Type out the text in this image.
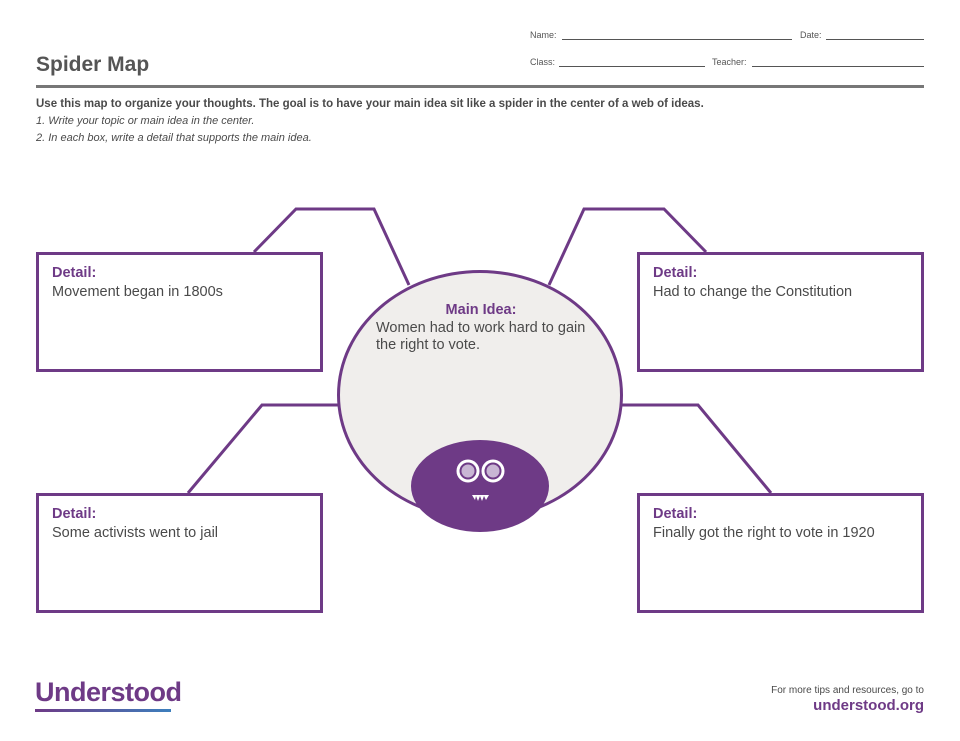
Spider Map
Name:	Date:
Class:	Teacher:
Use this map to organize your thoughts. The goal is to have your main idea sit like a spider in the center of a web of ideas.
1. Write your topic or main idea in the center.
2. In each box, write a detail that supports the main idea.
Detail:
Movement began in 1800s
Detail:
Had to change the Constitution
Detail:
Some activists went to jail
Detail:
Finally got the right to vote in 1920
Main Idea:
Women had to work hard to gain the right to vote.
Understood	For more tips and resources, go to
understood.org
